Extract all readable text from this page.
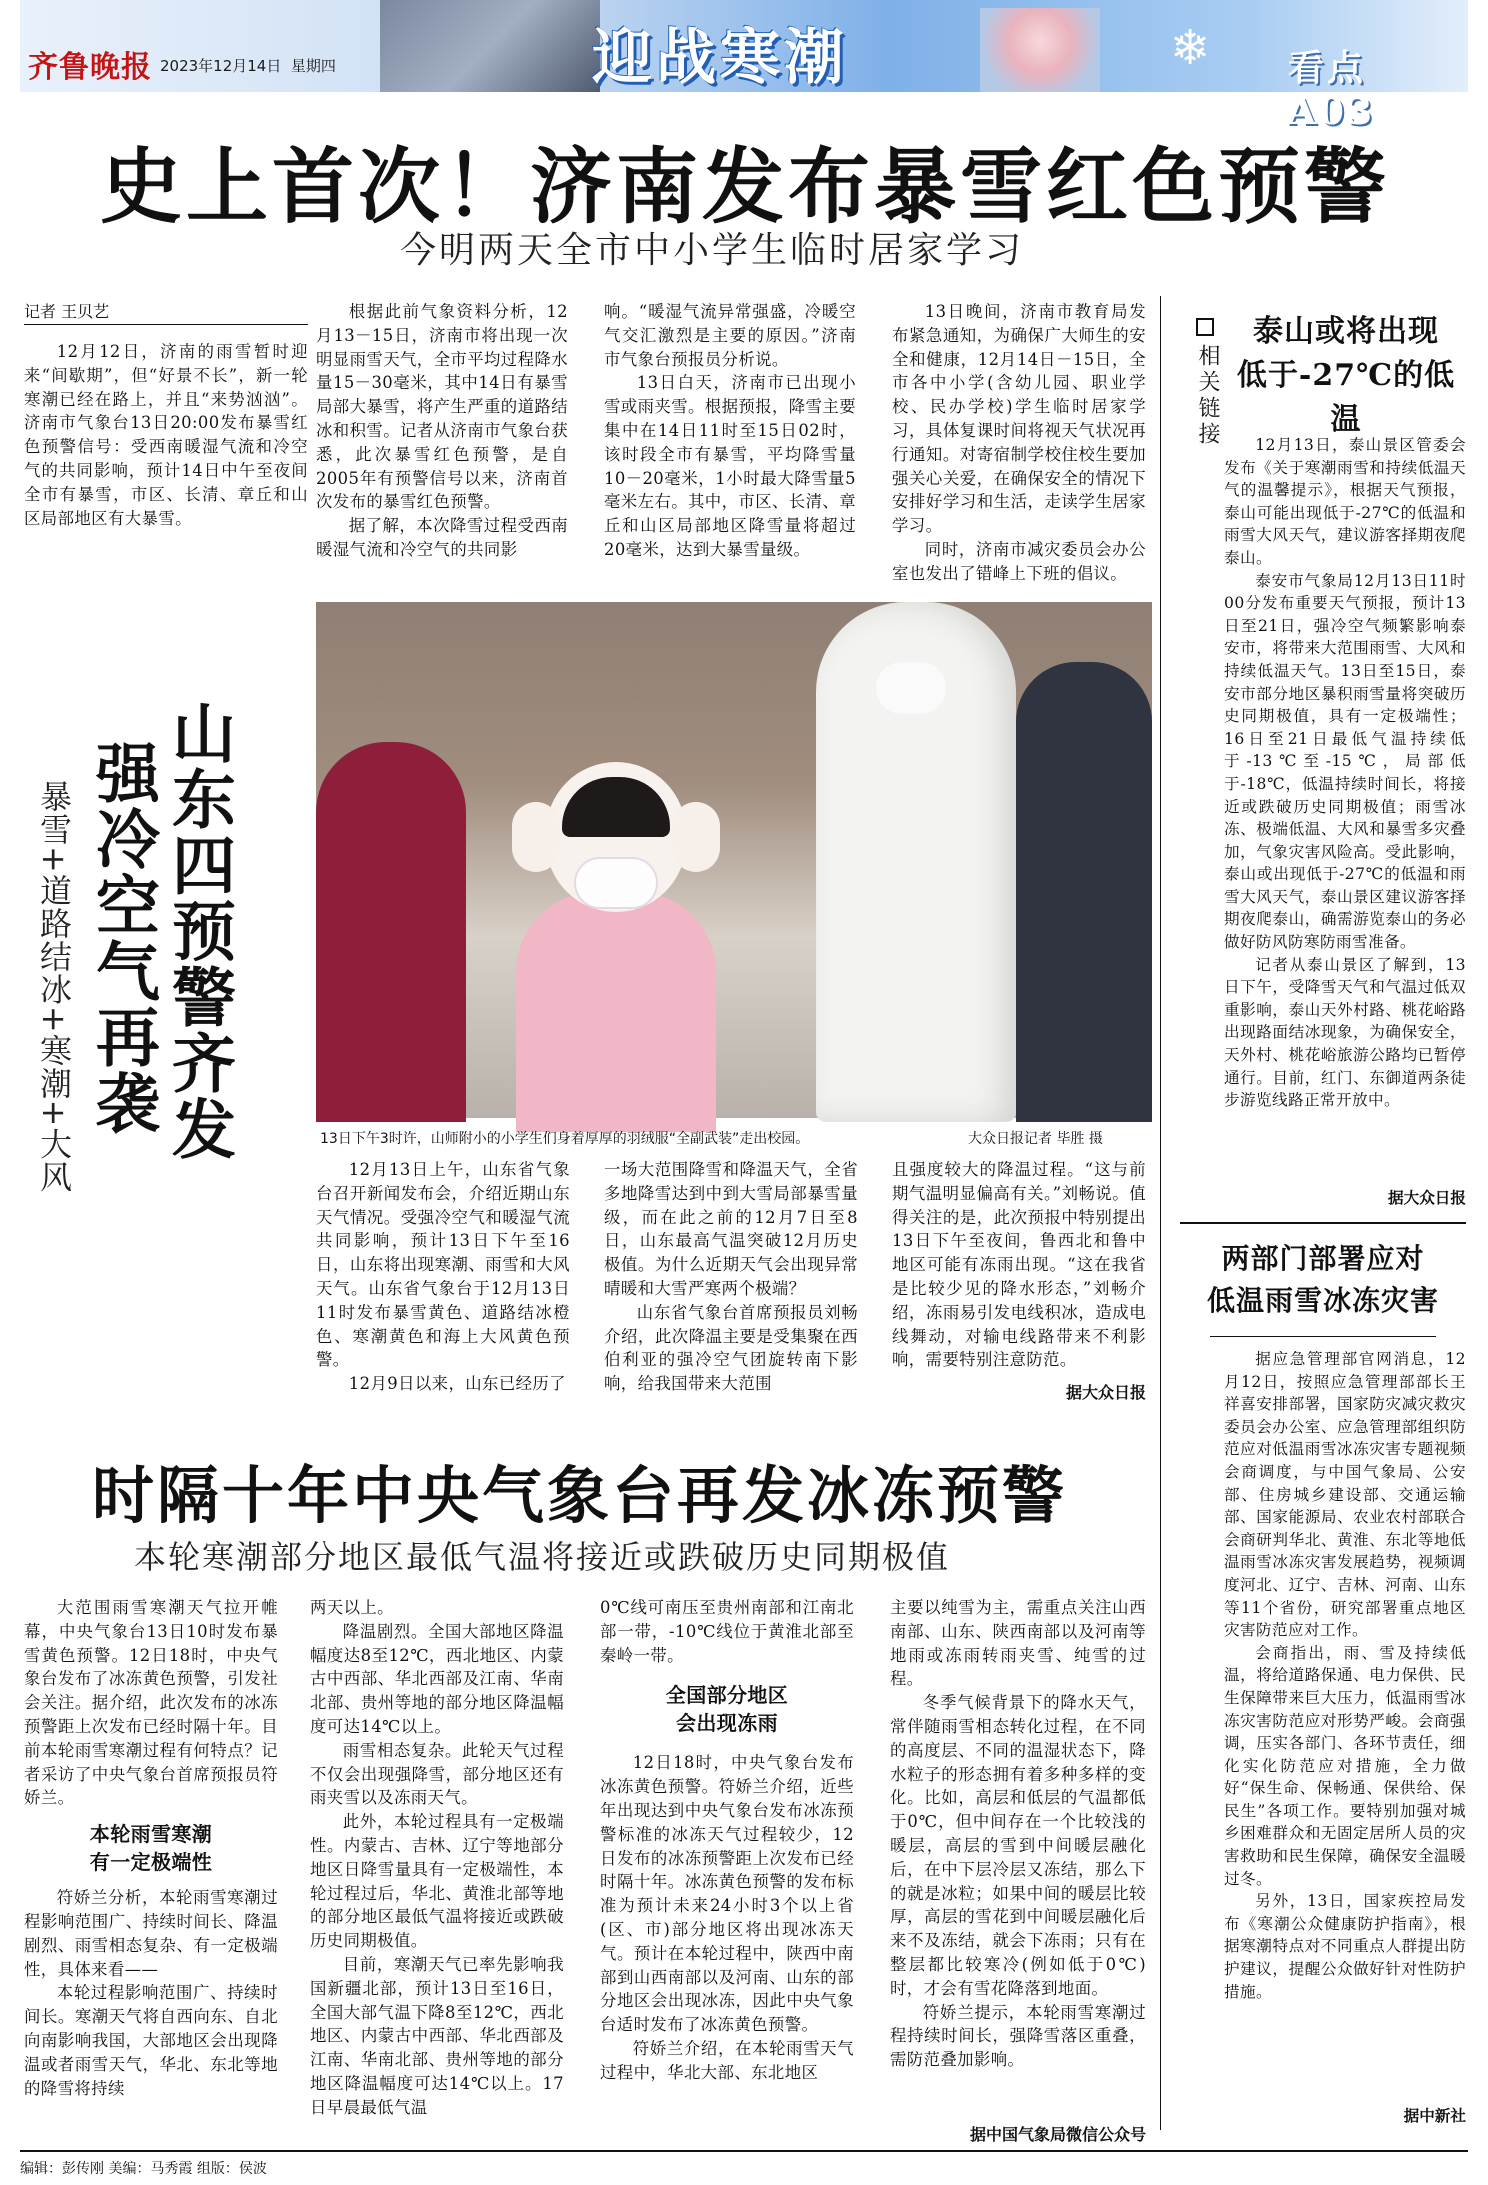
齐鲁晚报 2023年12月14日 星期四	迎战寒潮	❄ 看点 A03
史上首次！济南发布暴雪红色预警
今明两天全市中小学生临时居家学习
记者 王贝艺

12月12日，济南的雨雪暂时迎来“间歇期”，但“好景不长”，新一轮寒潮已经在路上，并且“来势汹汹”。济南市气象台13日20:00发布暴雪红色预警信号：受西南暖湿气流和冷空气的共同影响，预计14日中午至夜间全市有暴雪，市区、长清、章丘和山区局部地区有大暴雪。

根据此前气象资料分析，12月13－15日，济南市将出现一次明显雨雪天气，全市平均过程降水量15－30毫米，其中14日有暴雪局部大暴雪，将产生严重的道路结冰和积雪。记者从济南市气象台获悉，此次暴雪红色预警，是自2005年有预警信号以来，济南首次发布的暴雪红色预警。

据了解，本次降雪过程受西南暖湿气流和冷空气的共同影

响。“暖湿气流异常强盛，冷暖空气交汇激烈是主要的原因。”济南市气象台预报员分析说。

13日白天，济南市已出现小雪或雨夹雪。根据预报，降雪主要集中在14日11时至15日02时，该时段全市有暴雪，平均降雪量10－20毫米，1小时最大降雪量5毫米左右。其中，市区、长清、章丘和山区局部地区降雪量将超过20毫米，达到大暴雪量级。

13日晚间，济南市教育局发布紧急通知，为确保广大师生的安全和健康，12月14日－15日，全市各中小学(含幼儿园、职业学校、民办学校)学生临时居家学习，具体复课时间将视天气状况再行通知。对寄宿制学校住校生要加强关心关爱，在确保安全的情况下安排好学习和生活，走读学生居家学习。

同时，济南市减灾委员会办公室也发出了错峰上下班的倡议。

山东四预警齐发
强冷空气再袭
暴雪+道路结冰+寒潮+大风	13日下午3时许，山师附小的小学生们身着厚厚的羽绒服“全副武装”走出校园。	大众日报记者 毕胜 摄

12月13日上午，山东省气象台召开新闻发布会，介绍近期山东天气情况。受强冷空气和暖湿气流共同影响，预计13日下午至16日，山东将出现寒潮、雨雪和大风天气。山东省气象台于12月13日11时发布暴雪黄色、道路结冰橙色、寒潮黄色和海上大风黄色预警。

12月9日以来，山东已经历了

一场大范围降雪和降温天气，全省多地降雪达到中到大雪局部暴雪量级，而在此之前的12月7日至8日，山东最高气温突破12月历史极值。为什么近期天气会出现异常晴暖和大雪严寒两个极端？

山东省气象台首席预报员刘畅介绍，此次降温主要是受集聚在西伯利亚的强冷空气团旋转南下影响，给我国带来大范围

且强度较大的降温过程。“这与前期气温明显偏高有关。”刘畅说。值得关注的是，此次预报中特别提出13日下午至夜间，鲁西北和鲁中地区可能有冻雨出现。“这在我省是比较少见的降水形态，”刘畅介绍，冻雨易引发电线积冰，造成电线舞动，对输电线路带来不利影响，需要特别注意防范。

据大众日报
时隔十年中央气象台再发冰冻预警
本轮寒潮部分地区最低气温将接近或跌破历史同期极值

大范围雨雪寒潮天气拉开帷幕，中央气象台13日10时发布暴雪黄色预警。12日18时，中央气象台发布了冰冻黄色预警，引发社会关注。据介绍，此次发布的冰冻预警距上次发布已经时隔十年。目前本轮雨雪寒潮过程有何特点？记者采访了中央气象台首席预报员符娇兰。

本轮雨雪寒潮
有一定极端性

符娇兰分析，本轮雨雪寒潮过程影响范围广、持续时间长、降温剧烈、雨雪相态复杂、有一定极端性，具体来看——

本轮过程影响范围广、持续时间长。寒潮天气将自西向东、自北向南影响我国，大部地区会出现降温或者雨雪天气，华北、东北等地的降雪将持续

两天以上。

降温剧烈。全国大部地区降温幅度达8至12℃，西北地区、内蒙古中西部、华北西部及江南、华南北部、贵州等地的部分地区降温幅度可达14℃以上。

雨雪相态复杂。此轮天气过程不仅会出现强降雪，部分地区还有雨夹雪以及冻雨天气。

此外，本轮过程具有一定极端性。内蒙古、吉林、辽宁等地部分地区日降雪量具有一定极端性，本轮过程过后，华北、黄淮北部等地的部分地区最低气温将接近或跌破历史同期极值。

目前，寒潮天气已率先影响我国新疆北部，预计13日至16日，全国大部气温下降8至12℃，西北地区、内蒙古中西部、华北西部及江南、华南北部、贵州等地的部分地区降温幅度可达14℃以上。17日早晨最低气温

0℃线可南压至贵州南部和江南北部一带，-10℃线位于黄淮北部至秦岭一带。

全国部分地区
会出现冻雨

12日18时，中央气象台发布冰冻黄色预警。符娇兰介绍，近些年出现达到中央气象台发布冰冻预警标准的冰冻天气过程较少，12日发布的冰冻预警距上次发布已经时隔十年。冰冻黄色预警的发布标准为预计未来24小时3个以上省(区、市)部分地区将出现冰冻天气。预计在本轮过程中，陕西中南部到山西南部以及河南、山东的部分地区会出现冰冻，因此中央气象台适时发布了冰冻黄色预警。

符娇兰介绍，在本轮雨雪天气过程中，华北大部、东北地区

主要以纯雪为主，需重点关注山西南部、山东、陕西南部以及河南等地雨或冻雨转雨夹雪、纯雪的过程。

冬季气候背景下的降水天气，常伴随雨雪相态转化过程，在不同的高度层、不同的温湿状态下，降水粒子的形态拥有着多种多样的变化。比如，高层和低层的气温都低于0℃，但中间存在一个比较浅的暖层，高层的雪到中间暖层融化后，在中下层冷层又冻结，那么下的就是冰粒；如果中间的暖层比较厚，高层的雪花到中间暖层融化后来不及冻结，就会下冻雨；只有在整层都比较寒冷(例如低于0℃)时，才会有雪花降落到地面。

符娇兰提示，本轮雨雪寒潮过程持续时间长，强降雪落区重叠，需防范叠加影响。

据中国气象局微信公众号
相关链接
泰山或将出现
低于-27℃的低温

12月13日，泰山景区管委会发布《关于寒潮雨雪和持续低温天气的温馨提示》，根据天气预报，泰山可能出现低于-27℃的低温和雨雪大风天气，建议游客择期夜爬泰山。

泰安市气象局12月13日11时00分发布重要天气预报，预计13日至21日，强冷空气频繁影响泰安市，将带来大范围雨雪、大风和持续低温天气。13日至15日，泰安市部分地区暴积雨雪量将突破历史同期极值，具有一定极端性；16日至21日最低气温持续低于-13℃至-15℃，局部低于-18℃，低温持续时间长，将接近或跌破历史同期极值；雨雪冰冻、极端低温、大风和暴雪多灾叠加，气象灾害风险高。受此影响，泰山或出现低于-27℃的低温和雨雪大风天气，泰山景区建议游客择期夜爬泰山，确需游览泰山的务必做好防风防寒防雨雪准备。

记者从泰山景区了解到，13日下午，受降雪天气和气温过低双重影响，泰山天外村路、桃花峪路出现路面结冰现象，为确保安全，天外村、桃花峪旅游公路均已暂停通行。目前，红门、东御道两条徒步游览线路正常开放中。

据大众日报
两部门部署应对
低温雨雪冰冻灾害

据应急管理部官网消息，12月12日，按照应急管理部部长王祥喜安排部署，国家防灾减灾救灾委员会办公室、应急管理部组织防范应对低温雨雪冰冻灾害专题视频会商调度，与中国气象局、公安部、住房城乡建设部、交通运输部、国家能源局、农业农村部联合会商研判华北、黄淮、东北等地低温雨雪冰冻灾害发展趋势，视频调度河北、辽宁、吉林、河南、山东等11个省份，研究部署重点地区灾害防范应对工作。

会商指出，雨、雪及持续低温，将给道路保通、电力保供、民生保障带来巨大压力，低温雨雪冰冻灾害防范应对形势严峻。会商强调，压实各部门、各环节责任，细化实化防范应对措施，全力做好“保生命、保畅通、保供给、保民生”各项工作。要特别加强对城乡困难群众和无固定居所人员的灾害救助和民生保障，确保安全温暖过冬。

另外，13日，国家疾控局发布《寒潮公众健康防护指南》，根据寒潮特点对不同重点人群提出防护建议，提醒公众做好针对性防护措施。

据中新社
编辑：彭传刚 美编：马秀霞 组版：侯波
